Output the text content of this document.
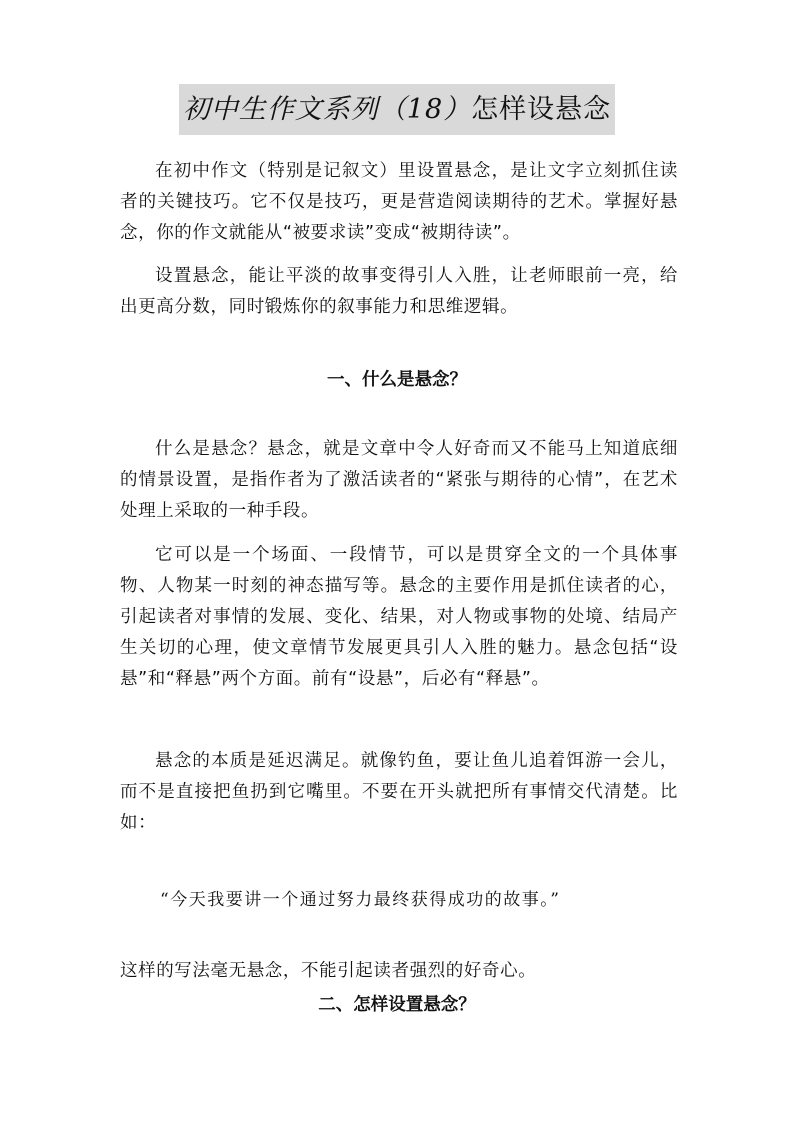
初中生作文系列（18）怎样设悬念
在初中作文（特别是记叙文）里设置悬念，是让文字立刻抓住读者的关键技巧。它不仅是技巧，更是营造阅读期待的艺术。掌握好悬念，你的作文就能从“被要求读”变成“被期待读”。
设置悬念，能让平淡的故事变得引人入胜，让老师眼前一亮，给出更高分数，同时锻炼你的叙事能力和思维逻辑。
一、什么是悬念？
什么是悬念？悬念，就是文章中令人好奇而又不能马上知道底细的情景设置，是指作者为了激活读者的“紧张与期待的心情”，在艺术处理上采取的一种手段。
它可以是一个场面、一段情节，可以是贯穿全文的一个具体事物、人物某一时刻的神态描写等。悬念的主要作用是抓住读者的心，引起读者对事情的发展、变化、结果，对人物或事物的处境、结局产生关切的心理，使文章情节发展更具引人入胜的魅力。悬念包括“设悬”和“释悬”两个方面。前有“设悬”，后必有“释悬”。
悬念的本质是延迟满足。就像钓鱼，要让鱼儿追着饵游一会儿，而不是直接把鱼扔到它嘴里。不要在开头就把所有事情交代清楚。比如：
“今天我要讲一个通过努力最终获得成功的故事。”
这样的写法毫无悬念，不能引起读者强烈的好奇心。
二、怎样设置悬念？
